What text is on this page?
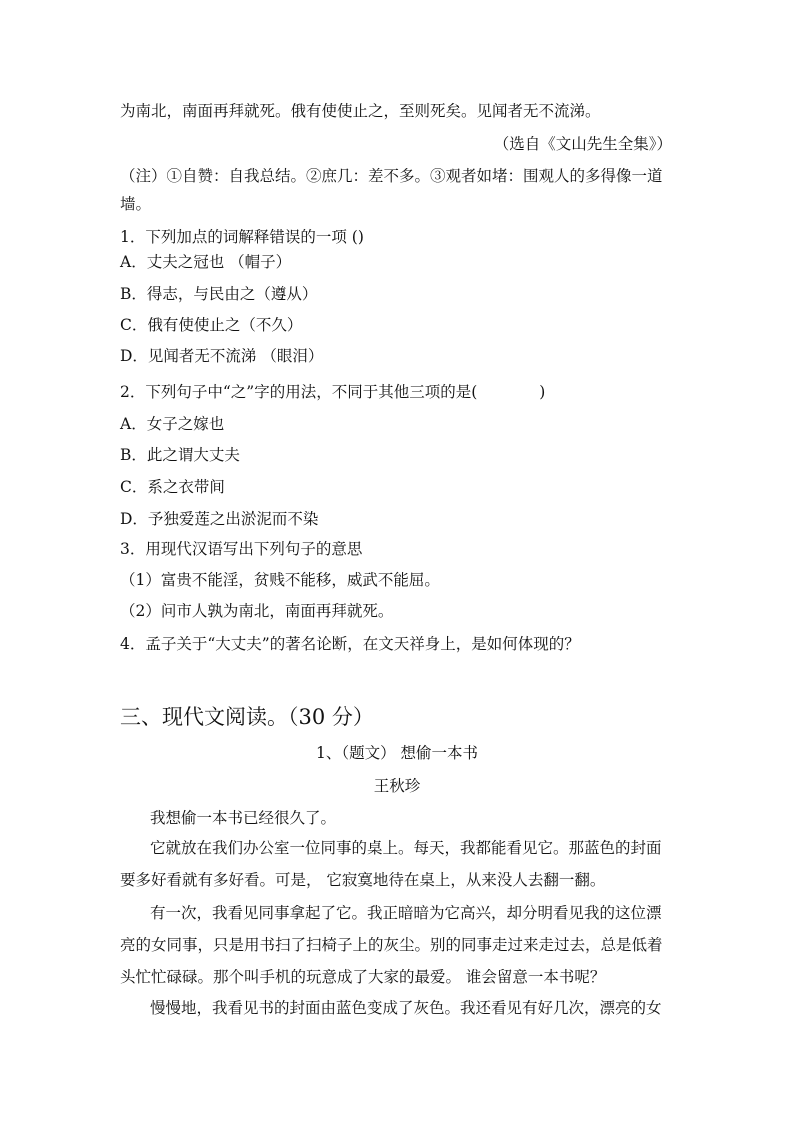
为南北，南面再拜就死。俄有使使止之，至则死矣。见闻者无不流涕。
（选自《文山先生全集》）
（注）①自赞：自我总结。②庶几：差不多。③观者如堵：围观人的多得像一道
墙。
1．下列加点的词解释错误的一项 ()
A．丈夫之冠也 （帽子）
B．得志，与民由之（遵从）
C．俄有使使止之（不久）
D．见闻者无不流涕 （眼泪）
2．下列句子中“之”字的用法，不同于其他三项的是(　　　　)
A．女子之嫁也
B．此之谓大丈夫
C．系之衣带间
D．予独爱莲之出淤泥而不染
3．用现代汉语写出下列句子的意思
（1）富贵不能淫，贫贱不能移，威武不能屈。
（2）问市人孰为南北，南面再拜就死。
4．孟子关于“大丈夫”的著名论断，在文天祥身上，是如何体现的？
三、现代文阅读。（30 分）
1、（题文） 想偷一本书
王秋珍
我想偷一本书已经很久了。
它就放在我们办公室一位同事的桌上。每天，我都能看见它。那蓝色的封面
要多好看就有多好看。可是， 它寂寞地待在桌上，从来没人去翻一翻。
有一次，我看见同事拿起了它。我正暗暗为它高兴，却分明看见我的这位漂
亮的女同事，只是用书扫了扫椅子上的灰尘。别的同事走过来走过去，总是低着
头忙忙碌碌。那个叫手机的玩意成了大家的最爱。 谁会留意一本书呢？
慢慢地，我看见书的封面由蓝色变成了灰色。我还看见有好几次，漂亮的女
